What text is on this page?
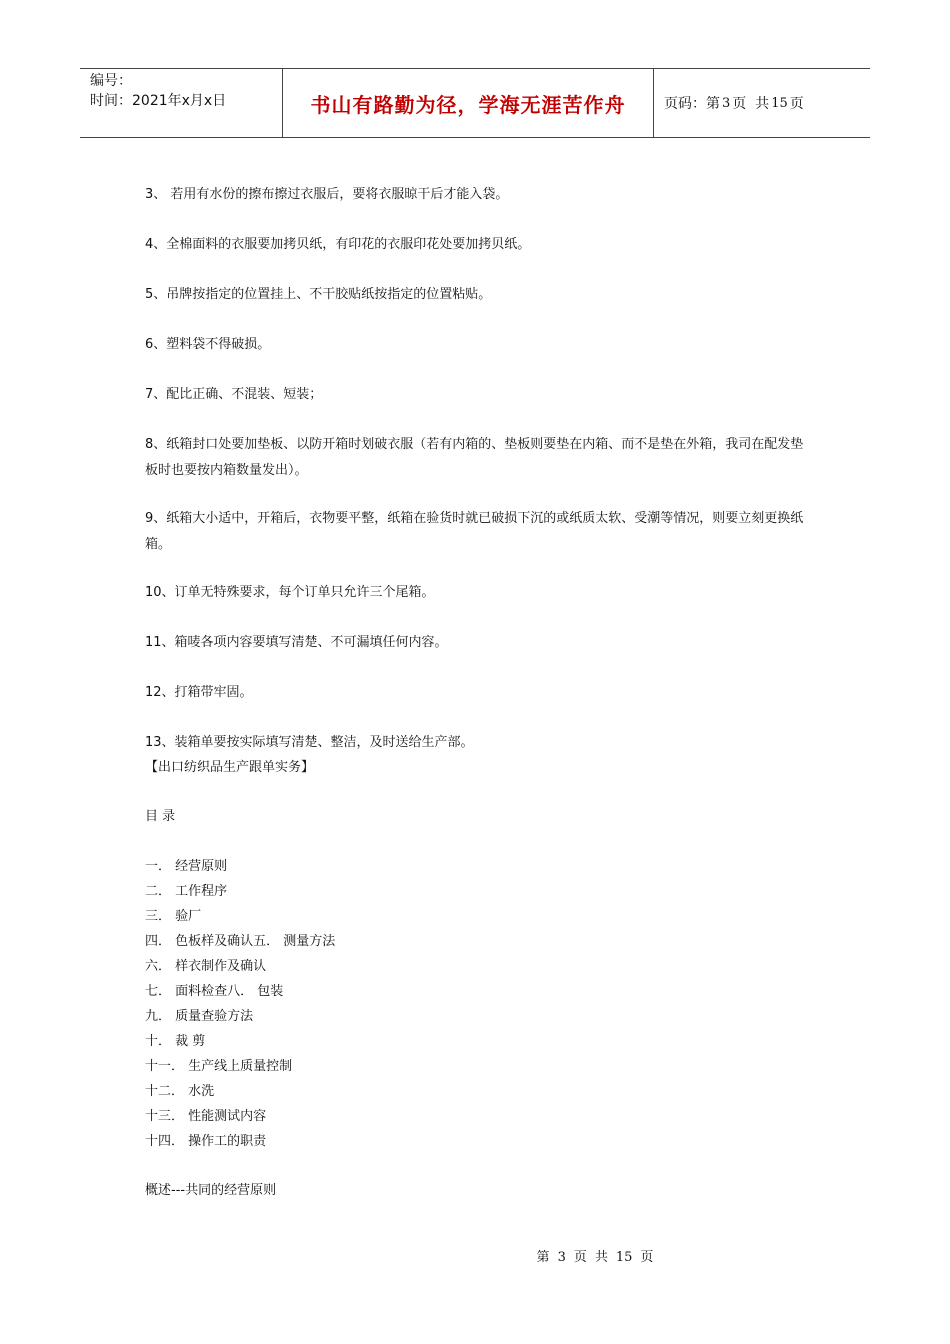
编号：
时间：2021年x月x日	书山有路勤为径，学海无涯苦作舟	页码：第 3 页  共 15 页
3、 若用有水份的擦布擦过衣服后，要将衣服晾干后才能入袋。
4、全棉面料的衣服要加拷贝纸，有印花的衣服印花处要加拷贝纸。
5、吊牌按指定的位置挂上、不干胶贴纸按指定的位置粘贴。
6、塑料袋不得破损。
7、配比正确、不混装、短装；
8、纸箱封口处要加垫板、以防开箱时划破衣服（若有内箱的、垫板则要垫在内箱、而不是垫在外箱，我司在配发垫板时也要按内箱数量发出）。
9、纸箱大小适中，开箱后，衣物要平整，纸箱在验货时就已破损下沉的或纸质太软、受潮等情况，则要立刻更换纸箱。
10、订单无特殊要求，每个订单只允许三个尾箱。
11、箱唛各项内容要填写清楚、不可漏填任何内容。
12、打箱带牢固。
13、装箱单要按实际填写清楚、整洁，及时送给生产部。
【出口纺织品生产跟单实务】
目 录
一． 经营原则
二． 工作程序
三． 验厂
四． 色板样及确认五． 测量方法
六． 样衣制作及确认
七． 面料检查八． 包装
九． 质量查验方法
十． 裁 剪
十一． 生产线上质量控制
十二． 水洗
十三． 性能测试内容
十四． 操作工的职责
概述---共同的经营原则
第 3 页 共 15 页
